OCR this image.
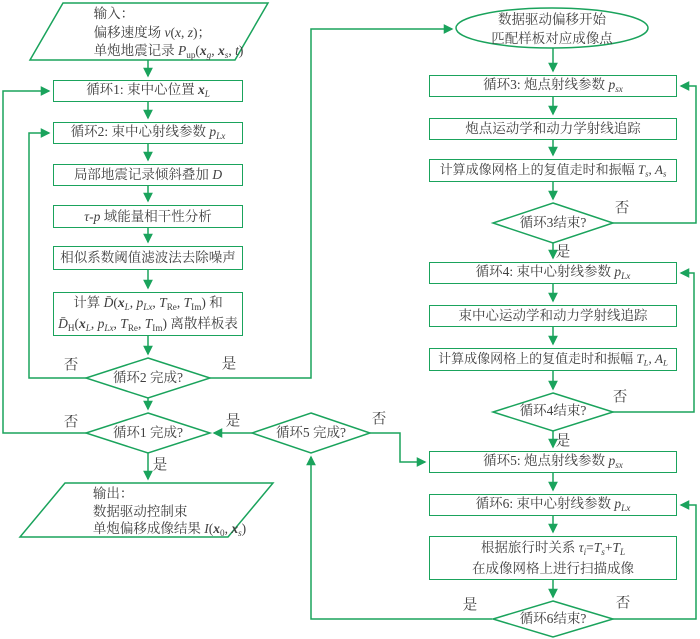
输入：
偏移速度场 v(x, z)；
单炮地震记录 $P_{up}(x_g$, $x_s$, t)
循环1: 束中心位置 $x_L$
循环2: 束中心射线参数 $p_{Lx}$
局部地震记录倾斜叠加 D
τ-p 域能量相干性分析
相似系数阈值滤波法去除噪声
计算 $D̄(x_L$, $p_{Lx}$, $T_{Re}$, $T_{Im}$) 和
$D̄_H(x_L$, $p_{Lx}$, $T_{Re}$, $T_{Im}$) 离散样板表
循环2 完成?
循环1 完成?	循环5 完成?
输出：
数据驱动控制束
单炮偏移成像结果 $I(x_0$, $x_s$)
数据驱动偏移开始
匹配样板对应成像点
循环3: 炮点射线参数 $p_{sx}$
炮点运动学和动力学射线追踪
计算成像网格上的复值走时和振幅 $T_s$, $A_s$
循环3结束?
循环4: 束中心射线参数 $p_{Lx}$
束中心运动学和动力学射线追踪
计算成像网格上的复值走时和振幅 $T_L$, $A_L$
循环4结束?
循环5: 炮点射线参数 $p_{sx}$
循环6: 束中心射线参数 $p_{Lx}$
根据旅行时关系 $\tau_i=T_s+T_L$
在成像网格上进行扫描成像
循环6结束?
否	是
否
是
是	否
否
是
否
是
是	否
